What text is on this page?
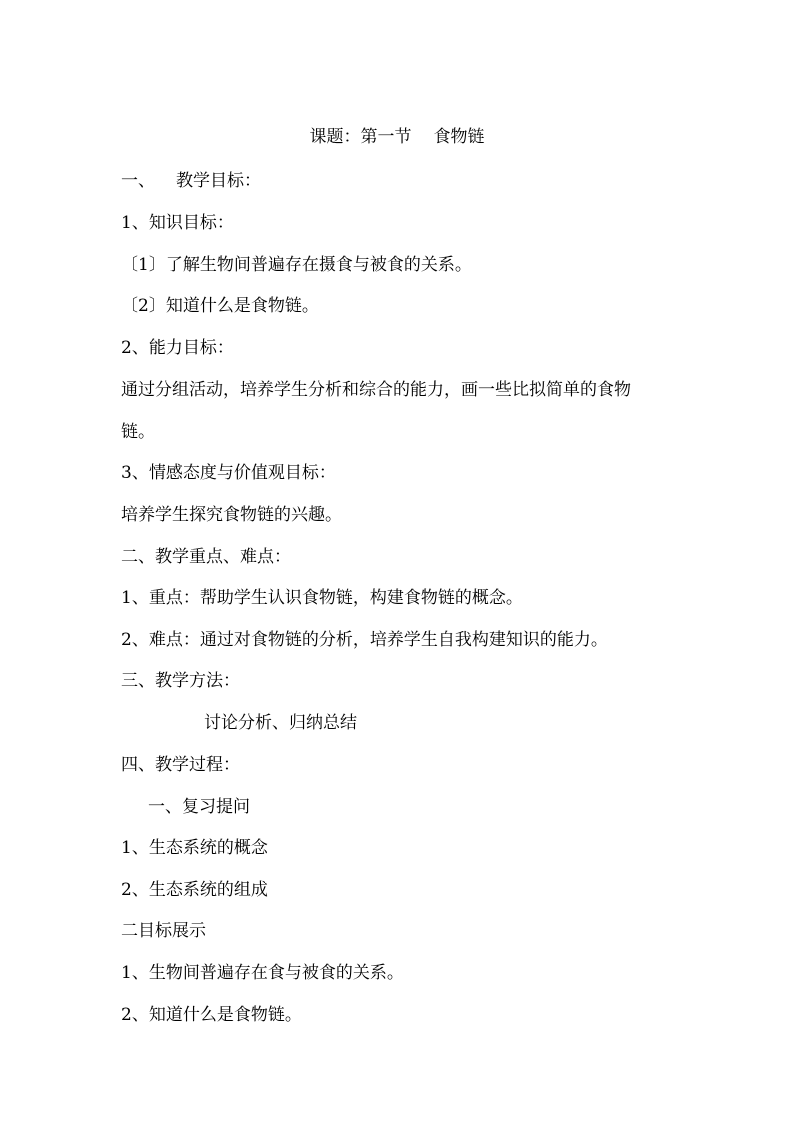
课题：第一节 食物链
一、 教学目标：
1、知识目标：
〔1〕了解生物间普遍存在摄食与被食的关系。
〔2〕知道什么是食物链。
2、能力目标：
通过分组活动，培养学生分析和综合的能力，画一些比拟简单的食物
链。
3、情感态度与价值观目标：
培养学生探究食物链的兴趣。
二、教学重点、难点：
1、重点：帮助学生认识食物链，构建食物链的概念。
2、难点：通过对食物链的分析，培养学生自我构建知识的能力。
三、教学方法：
讨论分析、归纳总结
四、教学过程：
一、复习提问
1、生态系统的概念
2、生态系统的组成
二目标展示
1、生物间普遍存在食与被食的关系。
2、知道什么是食物链。
